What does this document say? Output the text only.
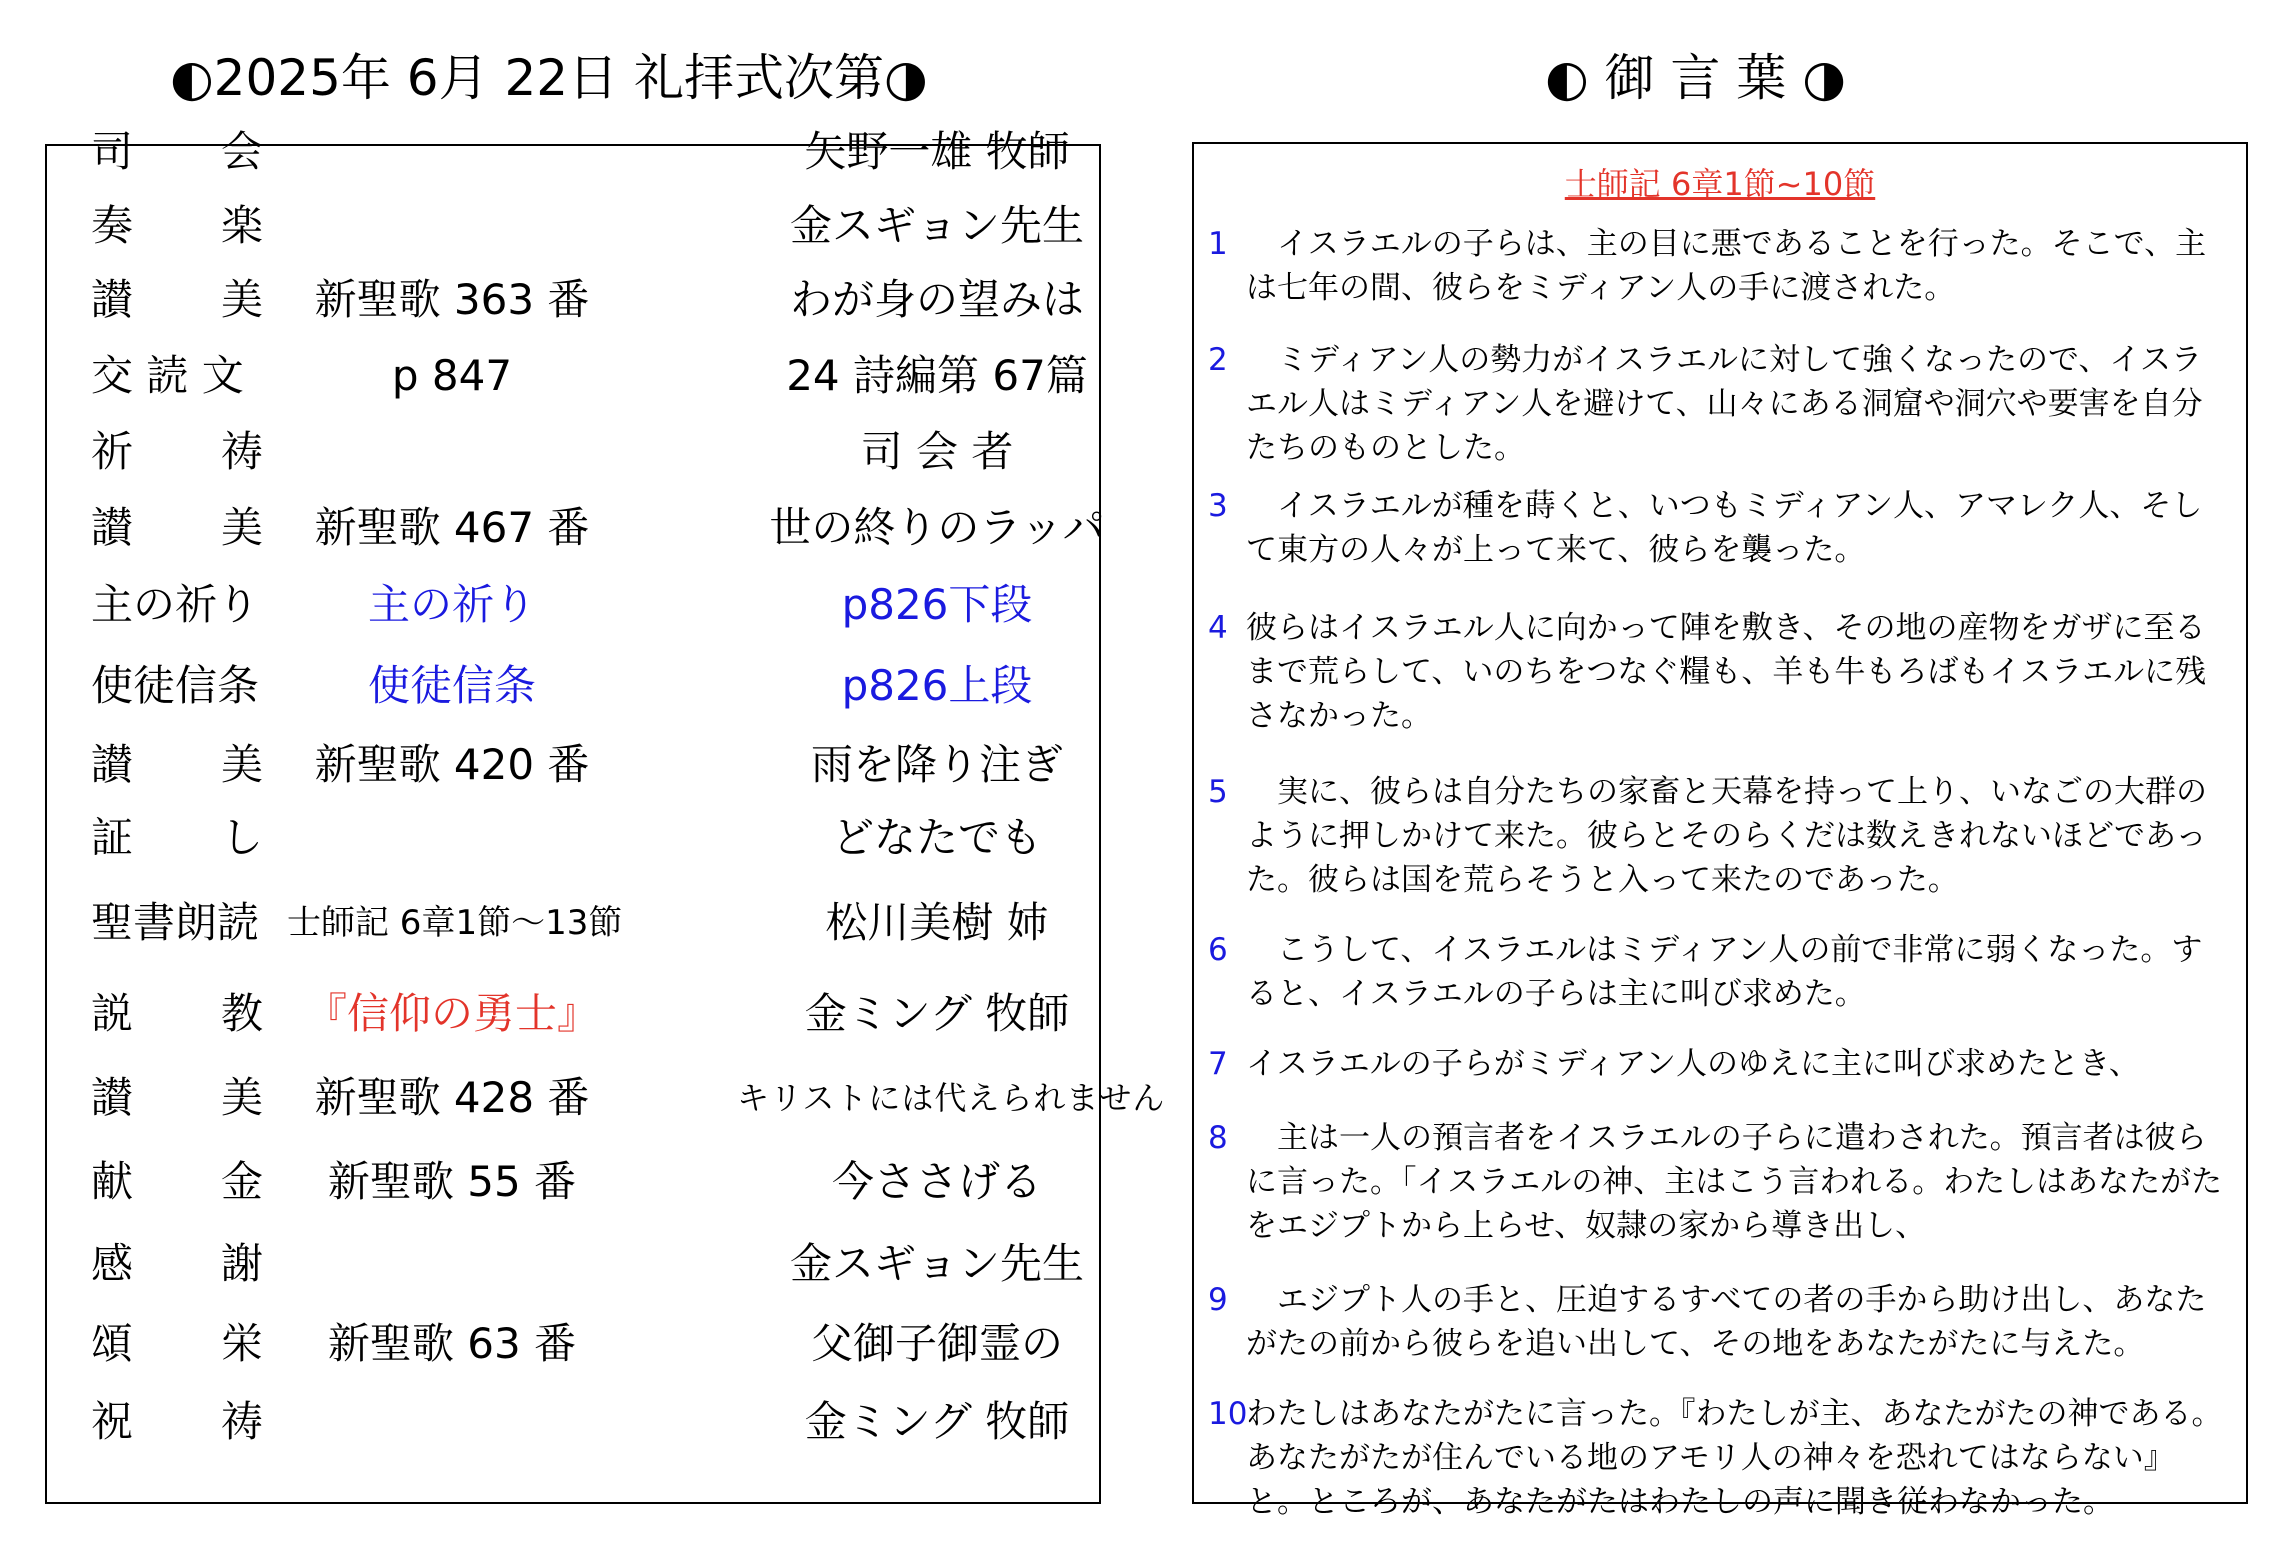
◐2025年 6月 22日 礼拝式次第◑	◐ 御 言 葉 ◑
司 会	矢野一雄 牧師
奏 楽	金スギョン先生
讃 美	新聖歌 363 番	わが身の望みは
交 読 文	p 847	24 詩編第 67篇
祈 祷	司 会 者
讃 美	新聖歌 467 番	世の終りのラッパ
主の祈り	主の祈り	p826下段
使徒信条	使徒信条	p826上段
讃 美	新聖歌 420 番	雨を降り注ぎ
証 し	どなたでも
聖書朗読 士師記 6章1節～13節	松川美樹 姉
説 教 『信仰の勇士』	金ミング 牧師
讃 美	新聖歌 428 番	キリストには代えられません
献 金	新聖歌 55 番	今ささげる
感 謝	金スギョン先生
頌 栄	新聖歌 63 番	父御子御霊の
祝 祷	金ミング 牧師
士師記 6章1節~10節
1 　イスラエルの子らは、主の目に悪であることを行った。そこで、主は七年の間、彼らをミディアン人の手に渡された。
2 　ミディアン人の勢力がイスラエルに対して強くなったので、イスラエル人はミディアン人を避けて、山々にある洞窟や洞穴や要害を自分たちのものとした。
3 　イスラエルが種を蒔くと、いつもミディアン人、アマレク人、そして東方の人々が上って来て、彼らを襲った。
4 彼らはイスラエル人に向かって陣を敷き、その地の産物をガザに至るまで荒らして、いのちをつなぐ糧も、羊も牛もろばもイスラエルに残さなかった。
5 　実に、彼らは自分たちの家畜と天幕を持って上り、いなごの大群のように押しかけて来た。彼らとそのらくだは数えきれないほどであった。彼らは国を荒らそうと入って来たのであった。
6 　こうして、イスラエルはミディアン人の前で非常に弱くなった。すると、イスラエルの子らは主に叫び求めた。
7 イスラエルの子らがミディアン人のゆえに主に叫び求めたとき、
8 　主は一人の預言者をイスラエルの子らに遣わされた。預言者は彼らに言った。「イスラエルの神、主はこう言われる。わたしはあなたがたをエジプトから上らせ、奴隷の家から導き出し、
9 　エジプト人の手と、圧迫するすべての者の手から助け出し、あなたがたの前から彼らを追い出して、その地をあなたがたに与えた。
10
わたしはあなたがたに言った。『わたしが主、あなたがたの神である。あなたがたが住んでいる地のアモリ人の神々を恐れてはならない』と。ところが、あなたがたはわたしの声に聞き従わなかった。
